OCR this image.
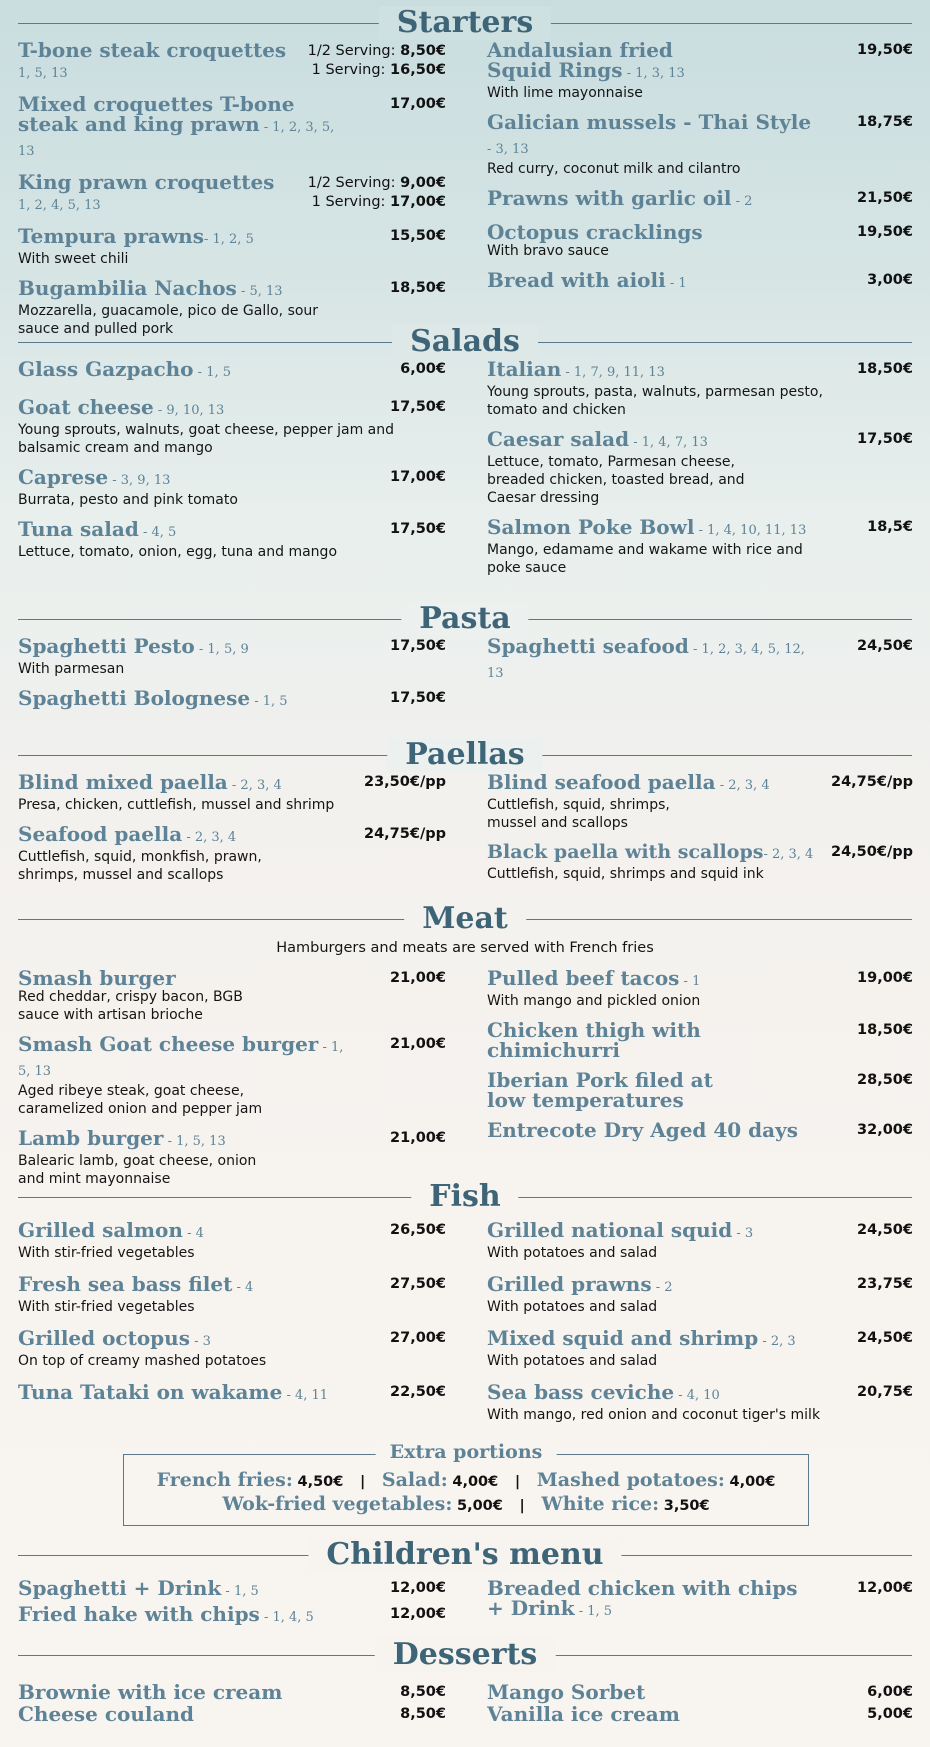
Starters
T-bone steak croquettes
1, 5, 13
1/2 Serving: 8,50€
1 Serving: 16,50€
Mixed croquettes T-bone steak and king prawn - 1, 2, 3, 5, 13
17,00€
King prawn croquettes
1, 2, 4, 5, 13
1/2 Serving: 9,00€
1 Serving: 17,00€
Tempura prawns- 1, 2, 5	15,50€
With sweet chili
Bugambilia Nachos - 5, 13	18,50€
Mozzarella, guacamole, pico de Gallo, sour sauce and pulled pork
Andalusian fried Squid Rings - 1, 3, 13
19,50€
With lime mayonnaise
Galician mussels - Thai Style - 3, 13
18,75€
Red curry, coconut milk and cilantro
Prawns with garlic oil - 2	21,50€
Octopus cracklings	19,50€
With bravo sauce
Bread with aioli - 1	3,00€
Salads
Glass Gazpacho - 1, 5	6,00€
Goat cheese - 9, 10, 13	17,50€
Young sprouts, walnuts, goat cheese, pepper jam and balsamic cream and mango
Caprese - 3, 9, 13	17,00€
Burrata, pesto and pink tomato
Tuna salad - 4, 5	17,50€
Lettuce, tomato, onion, egg, tuna and mango
Italian - 1, 7, 9, 11, 13	18,50€
Young sprouts, pasta, walnuts, parmesan pesto, tomato and chicken
Caesar salad - 1, 4, 7, 13	17,50€
Lettuce, tomato, Parmesan cheese, breaded chicken, toasted bread, and Caesar dressing
Salmon Poke Bowl - 1, 4, 10, 11, 13	18,5€
Mango, edamame and wakame with rice and poke sauce
Pasta
Spaghetti Pesto - 1, 5, 9	17,50€
With parmesan
Spaghetti Bolognese - 1, 5	17,50€
Spaghetti seafood - 1, 2, 3, 4, 5, 12, 13
24,50€
Paellas
Blind mixed paella - 2, 3, 4	23,50€/pp
Presa, chicken, cuttlefish, mussel and shrimp
Seafood paella - 2, 3, 4	24,75€/pp
Cuttlefish, squid, monkfish, prawn, shrimps, mussel and scallops
Blind seafood paella - 2, 3, 4	24,75€/pp
Cuttlefish, squid, shrimps, mussel and scallops
Black paella with scallops- 2, 3, 4	24,50€/pp
Cuttlefish, squid, shrimps and squid ink
Meat
Hamburgers and meats are served with French fries
Smash burger	21,00€
Red cheddar, crispy bacon, BGB sauce with artisan brioche
Smash Goat cheese burger - 1, 5, 13
21,00€
Aged ribeye steak, goat cheese, caramelized onion and pepper jam
Lamb burger - 1, 5, 13	21,00€
Balearic lamb, goat cheese, onion and mint mayonnaise
Pulled beef tacos - 1	19,00€
With mango and pickled onion
Chicken thigh with chimichurri
18,50€
Iberian Pork filed at low temperatures
28,50€
Entrecote Dry Aged 40 days	32,00€
Fish
Grilled salmon - 4	26,50€
With stir-fried vegetables
Fresh sea bass filet - 4	27,50€
With stir-fried vegetables
Grilled octopus - 3	27,00€
On top of creamy mashed potatoes
Tuna Tataki on wakame - 4, 11	22,50€
Grilled national squid - 3	24,50€
With potatoes and salad
Grilled prawns - 2	23,75€
With potatoes and salad
Mixed squid and shrimp - 2, 3	24,50€
With potatoes and salad
Sea bass ceviche - 4, 10	20,75€
With mango, red onion and coconut tiger's milk
Extra portions
French fries: 4,50€ | Salad: 4,00€ | Mashed potatoes: 4,00€
Wok-fried vegetables: 5,00€ | White rice: 3,50€
Children's menu
Spaghetti + Drink - 1, 5	12,00€
Fried hake with chips - 1, 4, 5	12,00€
Breaded chicken with chips + Drink - 1, 5
12,00€
Desserts
Brownie with ice cream	8,50€
Cheese couland	8,50€
Mango Sorbet	6,00€
Vanilla ice cream	5,00€
